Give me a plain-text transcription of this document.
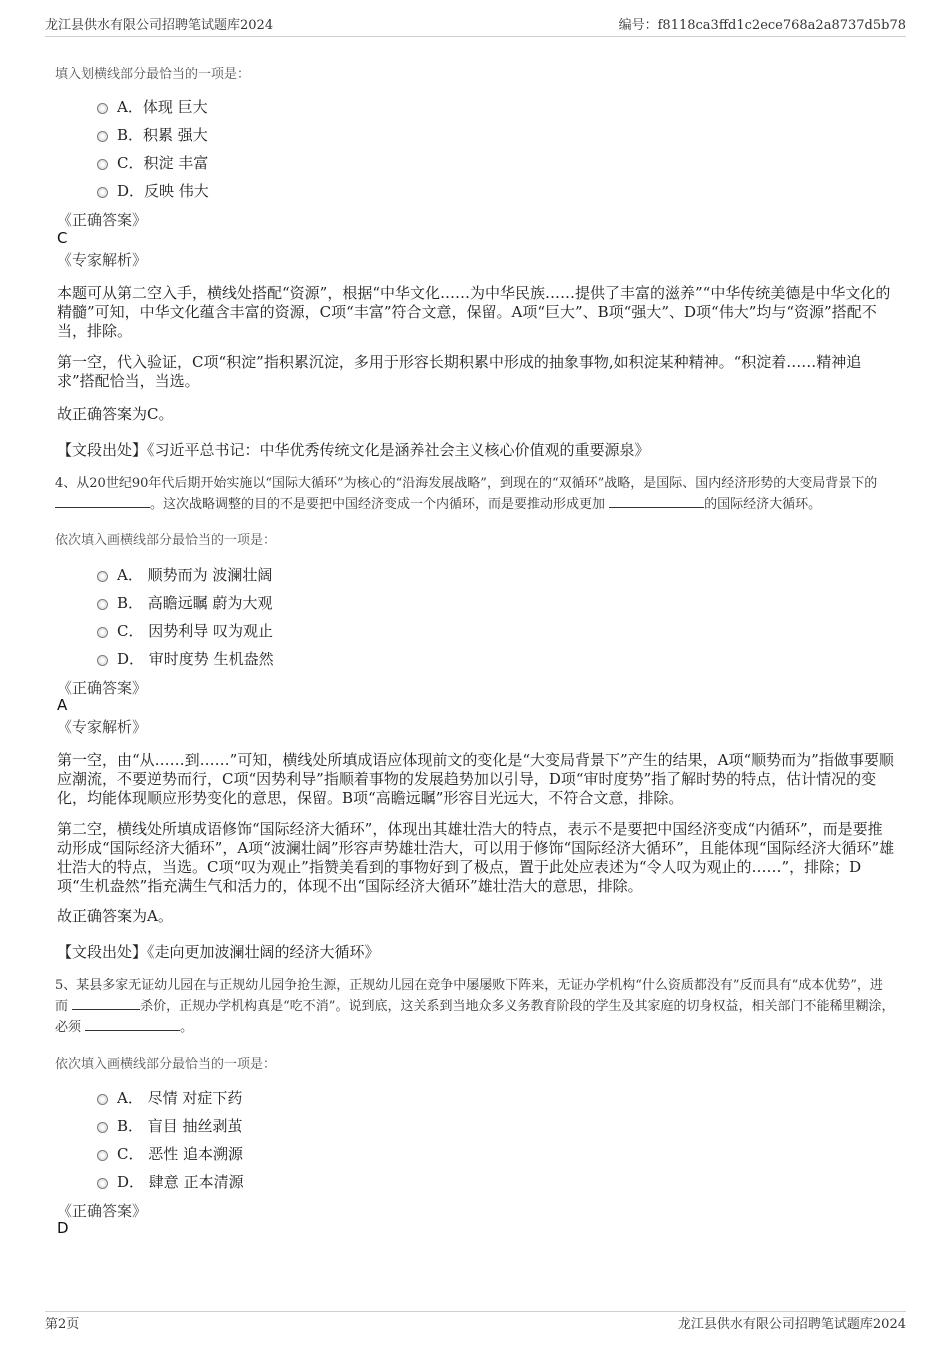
龙江县供水有限公司招聘笔试题库2024	编号：f8118ca3ffd1c2ece768a2a8737d5b78
填入划横线部分最恰当的一项是：
A．体现 巨大
B．积累 强大
C．积淀 丰富
D．反映 伟大
《正确答案》
C
《专家解析》
本题可从第二空入手，横线处搭配“资源”，根据“中华文化……为中华民族……提供了丰富的滋养”“中华传统美德是中华文化的精髓”可知，中华文化蕴含丰富的资源，C项“丰富”符合文意，保留。A项“巨大”、B项“强大”、D项“伟大”均与“资源”搭配不当，排除。
第一空，代入验证，C项“积淀”指积累沉淀，多用于形容长期积累中形成的抽象事物,如积淀某种精神。“积淀着……精神追求”搭配恰当，当选。
故正确答案为C。
【文段出处】《习近平总书记：中华优秀传统文化是涵养社会主义核心价值观的重要源泉》
4、从20世纪90年代后期开始实施以“国际大循环”为核心的“沿海发展战略”，到现在的“双循环”战略，是国际、国内经济形势的大变局背景下的。这次战略调整的目的不是要把中国经济变成一个内循环，而是要推动形成更加	的国际经济大循环。
依次填入画横线部分最恰当的一项是：
A． 顺势而为 波澜壮阔
B． 高瞻远瞩 蔚为大观
C． 因势利导 叹为观止
D． 审时度势 生机盎然
《正确答案》
A
《专家解析》
第一空，由“从……到……”可知，横线处所填成语应体现前文的变化是“大变局背景下”产生的结果，A项“顺势而为”指做事要顺应潮流，不要逆势而行，C项“因势利导”指顺着事物的发展趋势加以引导，D项“审时度势”指了解时势的特点，估计情况的变化，均能体现顺应形势变化的意思，保留。B项“高瞻远瞩”形容目光远大，不符合文意，排除。
第二空，横线处所填成语修饰“国际经济大循环”，体现出其雄壮浩大的特点，表示不是要把中国经济变成“内循环”，而是要推动形成“国际经济大循环”，A项“波澜壮阔”形容声势雄壮浩大，可以用于修饰“国际经济大循环”，且能体现“国际经济大循环”雄壮浩大的特点，当选。C项“叹为观止”指赞美看到的事物好到了极点，置于此处应表述为“令人叹为观止的……”，排除；D项“生机盎然”指充满生气和活力的，体现不出“国际经济大循环”雄壮浩大的意思，排除。
故正确答案为A。
【文段出处】《走向更加波澜壮阔的经济大循环》
5、某县多家无证幼儿园在与正规幼儿园争抢生源，正规幼儿园在竞争中屡屡败下阵来，无证办学机构“什么资质都没有”反而具有“成本优势”，进而	杀价，正规办学机构真是“吃不消”。说到底，这关系到当地众多义务教育阶段的学生及其家庭的切身权益，相关部门不能稀里糊涂，必须	。
依次填入画横线部分最恰当的一项是：
A． 尽情 对症下药
B． 盲目 抽丝剥茧
C． 恶性 追本溯源
D． 肆意 正本清源
《正确答案》
D
第2页	龙江县供水有限公司招聘笔试题库2024
